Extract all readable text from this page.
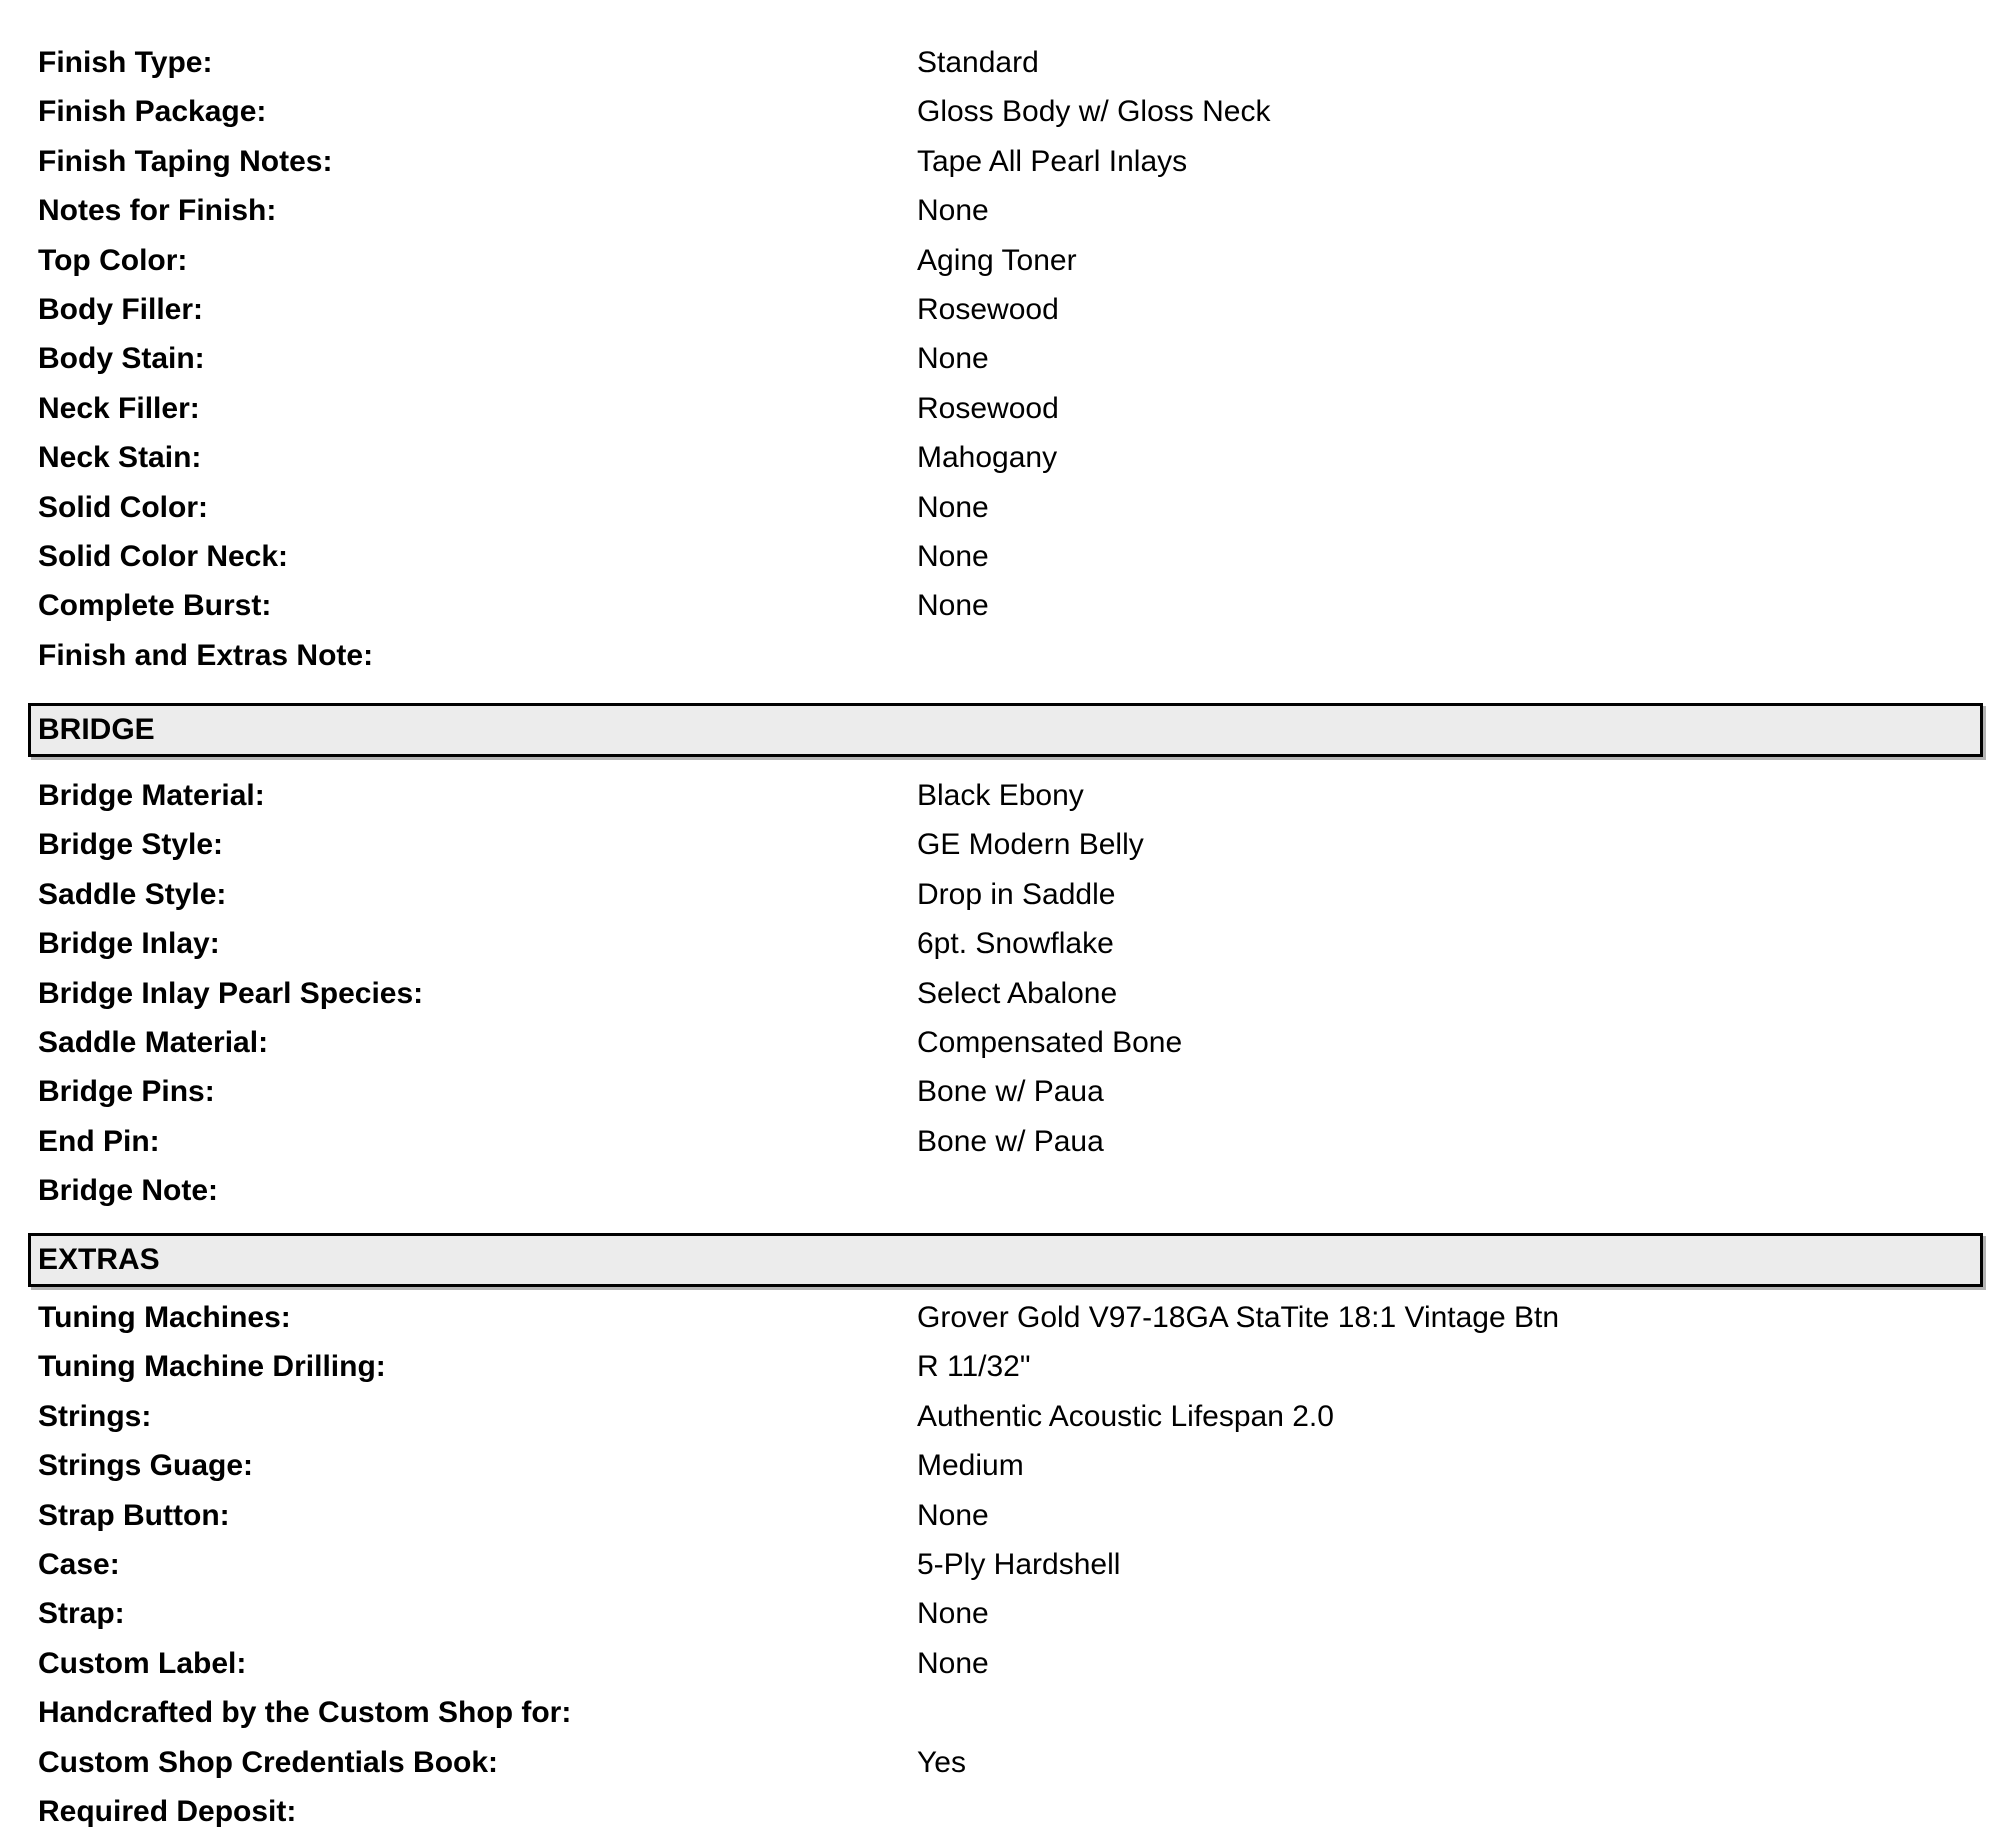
Finish Type:	Standard
Finish Package:	Gloss Body w/ Gloss Neck
Finish Taping Notes:	Tape All Pearl Inlays
Notes for Finish:	None
Top Color:	Aging Toner
Body Filler:	Rosewood
Body Stain:	None
Neck Filler:	Rosewood
Neck Stain:	Mahogany
Solid Color:	None
Solid Color Neck:	None
Complete Burst:	None
Finish and Extras Note:
BRIDGE
Bridge Material:	Black Ebony
Bridge Style:	GE Modern Belly
Saddle Style:	Drop in Saddle
Bridge Inlay:	6pt. Snowflake
Bridge Inlay Pearl Species:	Select Abalone
Saddle Material:	Compensated Bone
Bridge Pins:	Bone w/ Paua
End Pin:	Bone w/ Paua
Bridge Note:
EXTRAS
Tuning Machines:	Grover Gold V97-18GA StaTite 18:1 Vintage Btn
Tuning Machine Drilling:	R 11/32"
Strings:	Authentic Acoustic Lifespan 2.0
Strings Guage:	Medium
Strap Button:	None
Case:	5-Ply Hardshell
Strap:	None
Custom Label:	None
Handcrafted by the Custom Shop for:
Custom Shop Credentials Book:	Yes
Required Deposit:
